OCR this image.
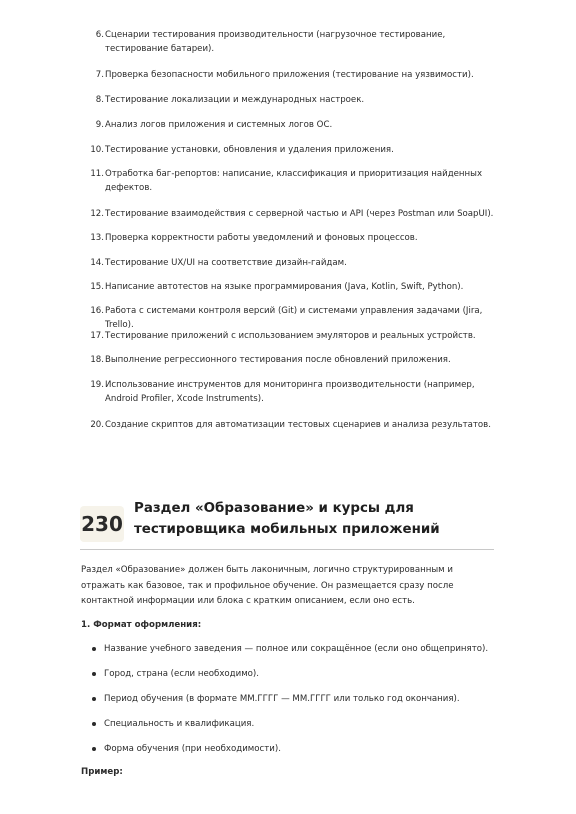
6. Сценарии тестирования производительности (нагрузочное тестирование, тестирование батареи).
7. Проверка безопасности мобильного приложения (тестирование на уязвимости).
8. Тестирование локализации и международных настроек.
9. Анализ логов приложения и системных логов ОС.
10. Тестирование установки, обновления и удаления приложения.
11. Отработка баг-репортов: написание, классификация и приоритизация найденных дефектов.
12. Тестирование взаимодействия с серверной частью и API (через Postman или SoapUI).
13. Проверка корректности работы уведомлений и фоновых процессов.
14. Тестирование UX/UI на соответствие дизайн-гайдам.
15. Написание автотестов на языке программирования (Java, Kotlin, Swift, Python).
16. Работа с системами контроля версий (Git) и системами управления задачами (Jira, Trello).
17. Тестирование приложений с использованием эмуляторов и реальных устройств.
18. Выполнение регрессионного тестирования после обновлений приложения.
19. Использование инструментов для мониторинга производительности (например, Android Profiler, Xcode Instruments).
20. Создание скриптов для автоматизации тестовых сценариев и анализа результатов.
230
Раздел «Образование» и курсы для тестировщика мобильных приложений
Раздел «Образование» должен быть лаконичным, логично структурированным и отражать как базовое, так и профильное обучение. Он размещается сразу после контактной информации или блока с кратким описанием, если оно есть.
1. Формат оформления:
Название учебного заведения — полное или сокращённое (если оно общепринято).
Город, страна (если необходимо).
Период обучения (в формате ММ.ГГГГ — ММ.ГГГГ или только год окончания).
Специальность и квалификация.
Форма обучения (при необходимости).
Пример:
